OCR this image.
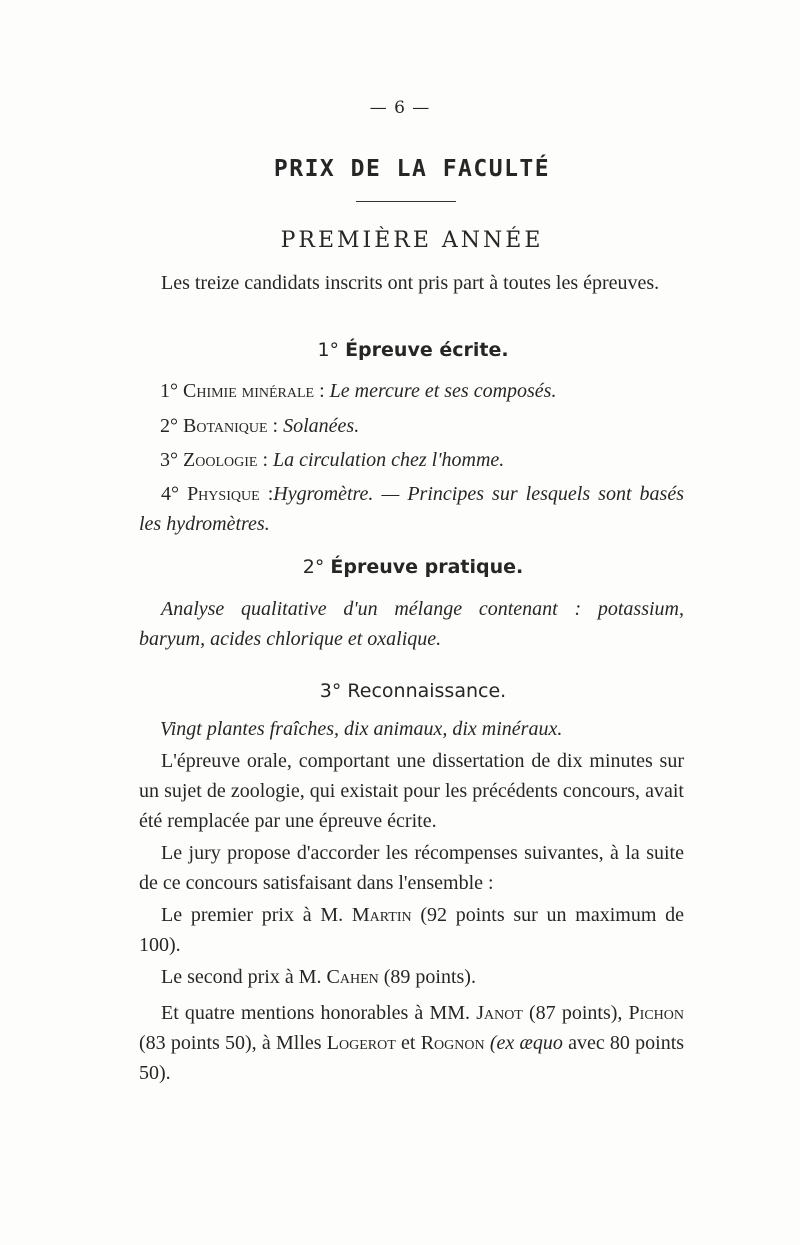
— 6 —
PRIX DE LA FACULTÉ
PREMIÈRE ANNÉE

Les treize candidats inscrits ont pris part à toutes les épreuves.

1° Épreuve écrite.
1° Chimie minérale : Le mercure et ses composés.
2° Botanique : Solanées.
3° Zoologie : La circulation chez l'homme.

4° Physique :Hygromètre. — Principes sur lesquels sont basés les hydromètres.

2° Épreuve pratique.

Analyse qualitative d'un mélange contenant : potassium, baryum, acides chlorique et oxalique.

3° Reconnaissance.
Vingt plantes fraîches, dix animaux, dix minéraux.

L'épreuve orale, comportant une dissertation de dix minutes sur un sujet de zoologie, qui existait pour les précédents concours, avait été remplacée par une épreuve écrite.

Le jury propose d'accorder les récompenses suivantes, à la suite de ce concours satisfaisant dans l'ensemble :

Le premier prix à M. Martin (92 points sur un maximum de 100).

Le second prix à M. Cahen (89 points).

Et quatre mentions honorables à MM. Janot (87 points), Pichon (83 points 50), à Mlles Logerot et Rognon (ex æquo avec 80 points 50).
